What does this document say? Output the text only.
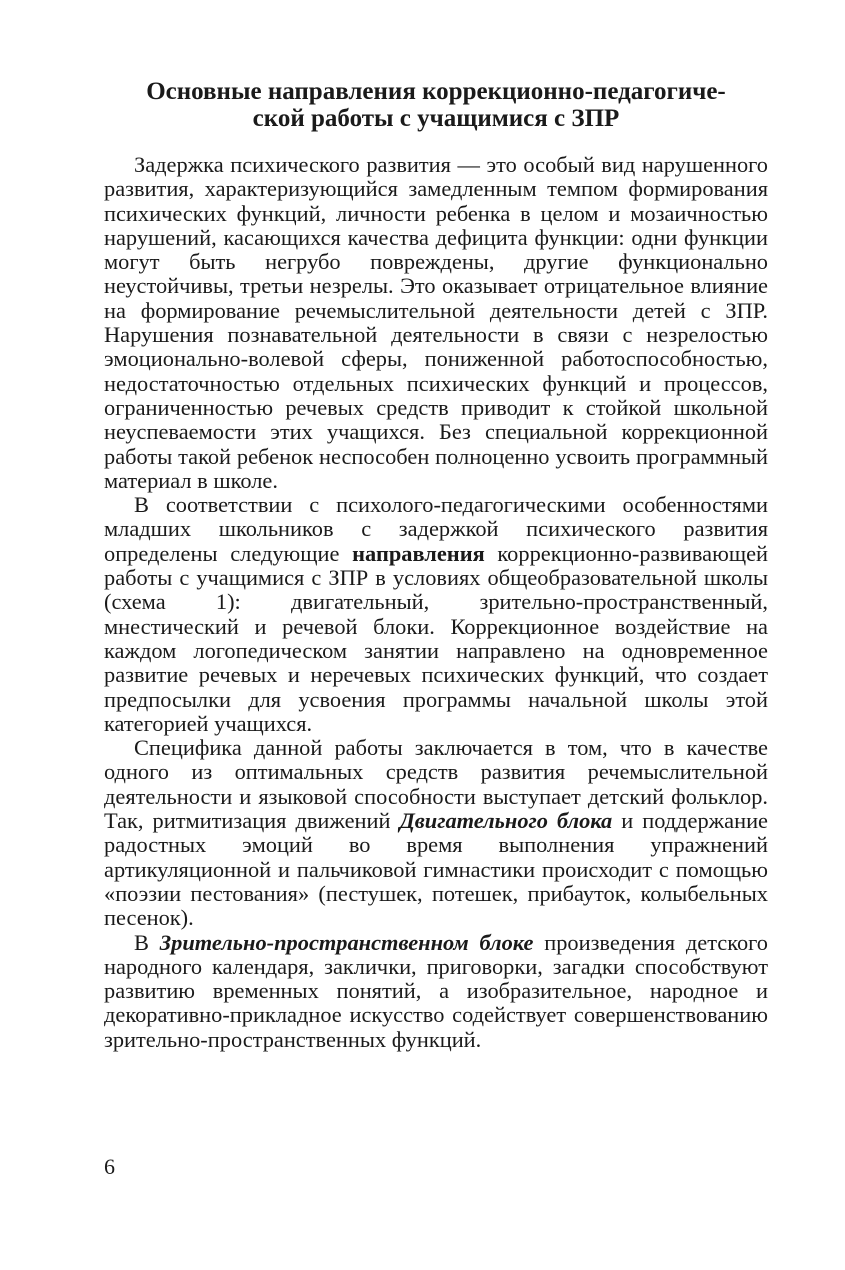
Основные направления коррекционно-педагогиче-
ской работы с учащимися с ЗПР

Задержка психического развития — это особый вид нарушенного развития, характеризующийся замедленным темпом формирования психических функций, личности ребенка в целом и мозаичностью нарушений, касающихся качества дефицита функции: одни функции могут быть негрубо повреждены, другие функционально неустойчивы, третьи незрелы. Это оказывает отрицательное влияние на формирование речемыслительной деятельности детей с ЗПР. Нарушения познавательной деятельности в связи с незрелостью эмоционально-волевой сферы, пониженной работоспособностью, недостаточностью отдельных психических функций и процессов, ограниченностью речевых средств приводит к стойкой школьной неуспеваемости этих учащихся. Без специальной коррекционной работы такой ребенок неспособен полноценно усвоить программный материал в школе.

В соответствии с психолого-педагогическими особенностями младших школьников с задержкой психического развития определены следующие направления коррекционно-развивающей работы с учащимися с ЗПР в условиях общеобразовательной школы (схема 1): двигательный, зрительно-пространственный, мнестический и речевой блоки. Коррекционное воздействие на каждом логопедическом занятии направлено на одновременное развитие речевых и неречевых психических функций, что создает предпосылки для усвоения программы начальной школы этой категорией учащихся.

Специфика данной работы заключается в том, что в качестве одного из оптимальных средств развития речемыслительной деятельности и языковой способности выступает детский фольклор. Так, ритмитизация движений Двигательного блока и поддержание радостных эмоций во время выполнения упражнений артикуляционной и пальчиковой гимнастики происходит с помощью «поэзии пестования» (пестушек, потешек, прибауток, колыбельных песенок).

В Зрительно-пространственном блоке произведения детского народного календаря, заклички, приговорки, загадки способствуют развитию временных понятий, а изобразительное, народное и декоративно-прикладное искусство содействует совершенствованию зрительно-пространственных функций.

6
